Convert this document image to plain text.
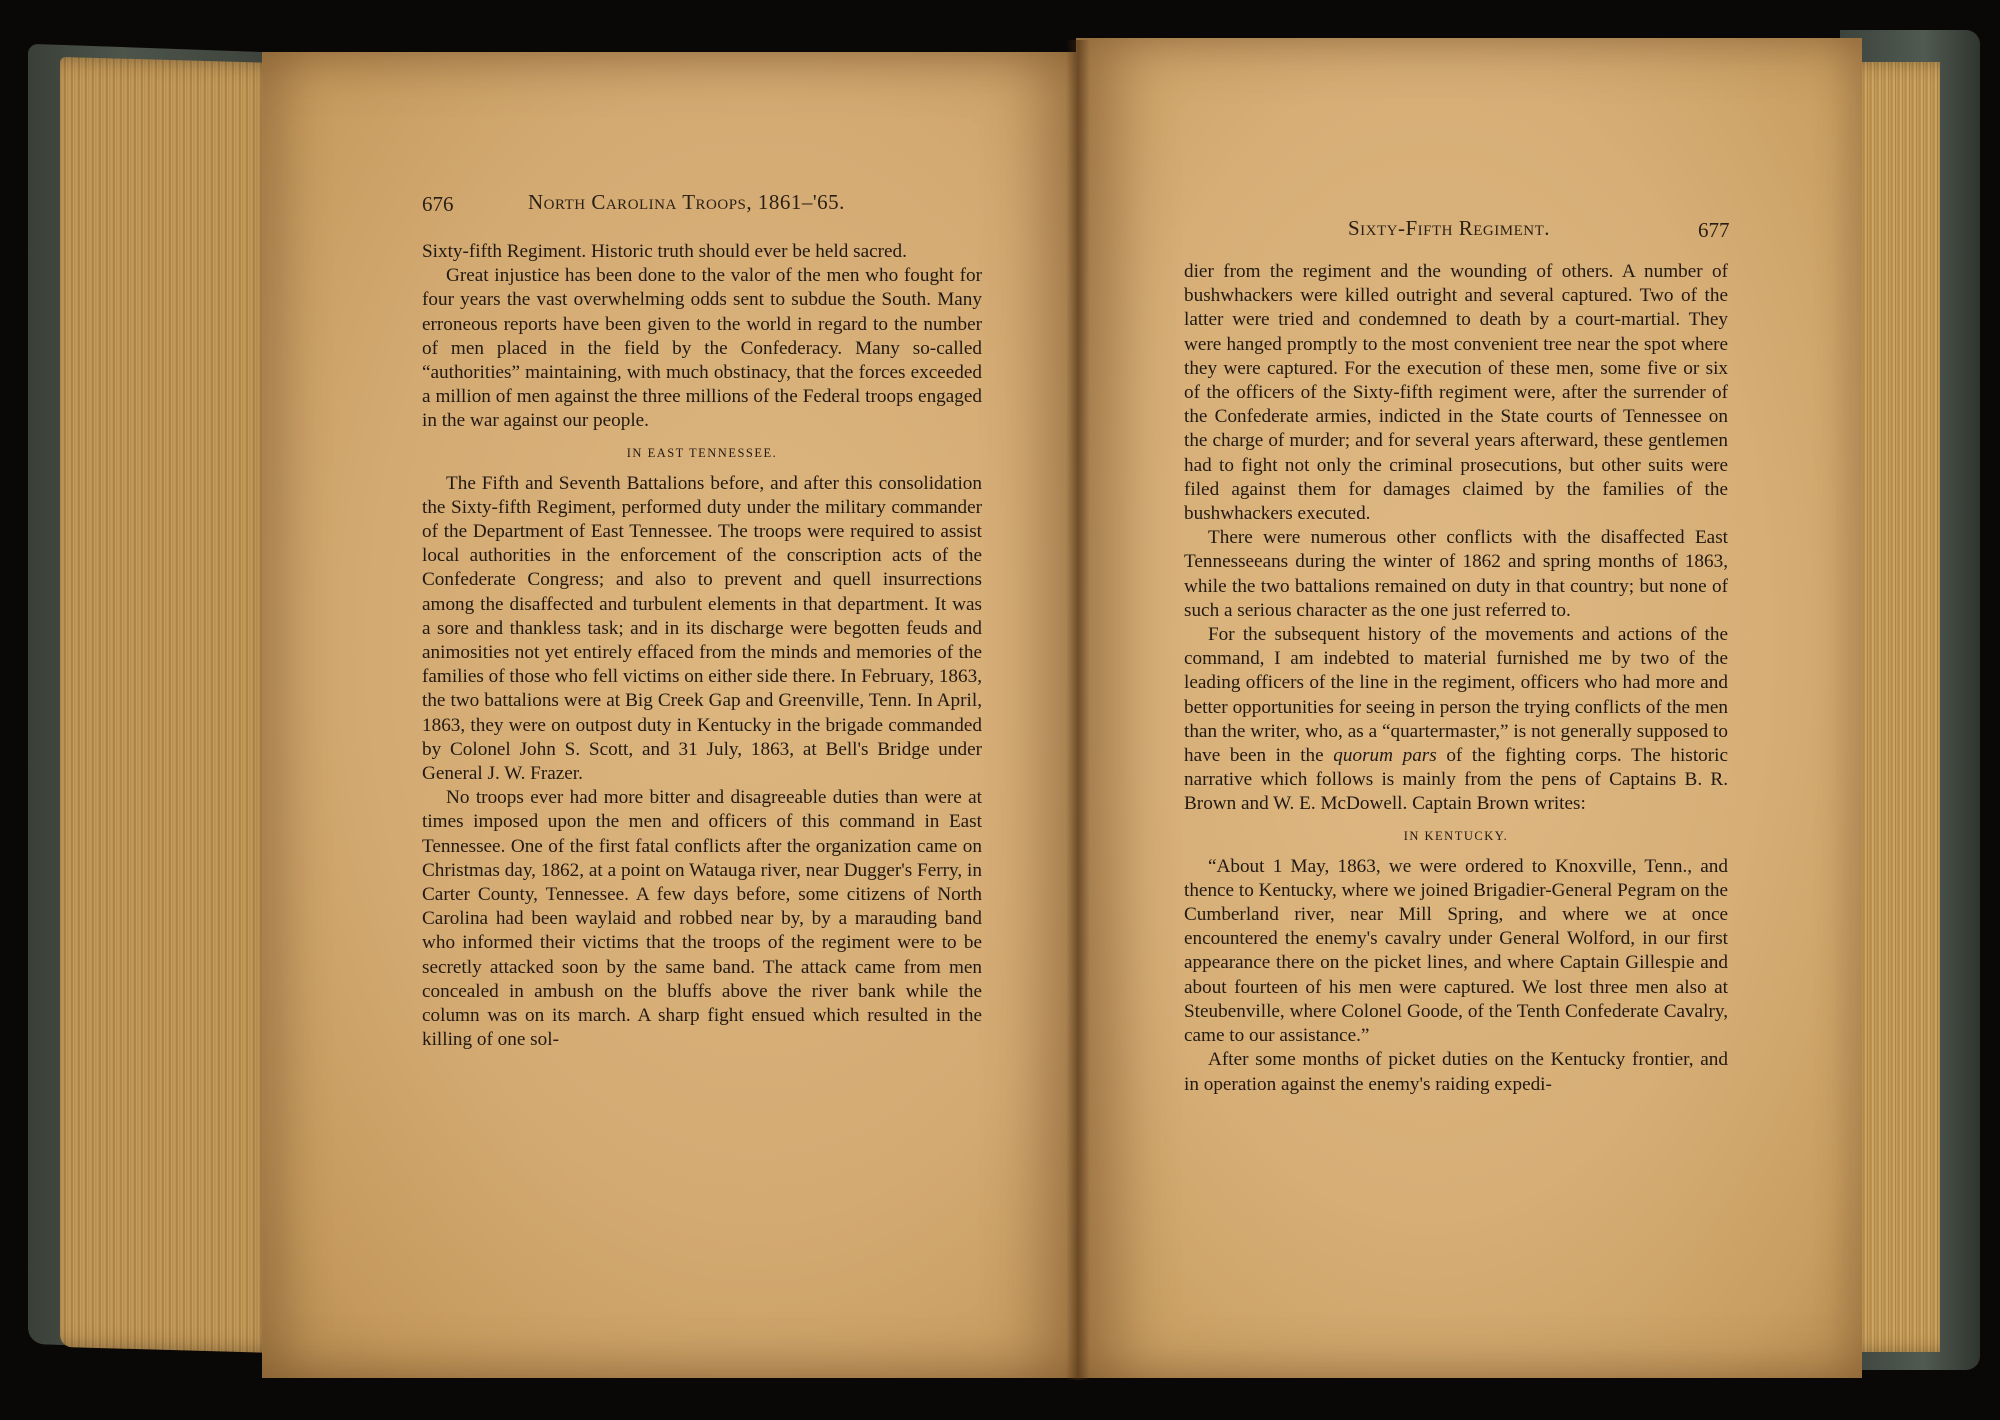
676	North Carolina Troops, 1861–'65.

Sixty-fifth Regiment. Historic truth should ever be held sacred.

Great injustice has been done to the valor of the men who fought for four years the vast overwhelming odds sent to subdue the South. Many erroneous reports have been given to the world in regard to the number of men placed in the field by the Confederacy. Many so-called “authorities” maintaining, with much obstinacy, that the forces exceeded a million of men against the three millions of the Federal troops engaged in the war against our people.

IN EAST TENNESSEE.

The Fifth and Seventh Battalions before, and after this consolidation the Sixty-fifth Regiment, performed duty under the military commander of the Department of East Tennessee. The troops were required to assist local authorities in the enforcement of the conscription acts of the Confederate Congress; and also to prevent and quell insurrections among the disaffected and turbulent elements in that department. It was a sore and thankless task; and in its discharge were begotten feuds and animosities not yet entirely effaced from the minds and memories of the families of those who fell victims on either side there. In February, 1863, the two battalions were at Big Creek Gap and Greenville, Tenn. In April, 1863, they were on outpost duty in Kentucky in the brigade commanded by Colonel John S. Scott, and 31 July, 1863, at Bell's Bridge under General J. W. Frazer.

No troops ever had more bitter and disagreeable duties than were at times imposed upon the men and officers of this command in East Tennessee. One of the first fatal conflicts after the organization came on Christmas day, 1862, at a point on Watauga river, near Dugger's Ferry, in Carter County, Tennessee. A few days before, some citizens of North Carolina had been waylaid and robbed near by, by a marauding band who informed their victims that the troops of the regiment were to be secretly attacked soon by the same band. The attack came from men concealed in ambush on the bluffs above the river bank while the column was on its march. A sharp fight ensued which resulted in the killing of one sol-

Sixty-Fifth Regiment.	677

dier from the regiment and the wounding of others. A number of bushwhackers were killed outright and several captured. Two of the latter were tried and condemned to death by a court-martial. They were hanged promptly to the most convenient tree near the spot where they were captured. For the execution of these men, some five or six of the officers of the Sixty-fifth regiment were, after the surrender of the Confederate armies, indicted in the State courts of Tennessee on the charge of murder; and for several years afterward, these gentlemen had to fight not only the criminal prosecutions, but other suits were filed against them for damages claimed by the families of the bushwhackers executed.

There were numerous other conflicts with the disaffected East Tennesseeans during the winter of 1862 and spring months of 1863, while the two battalions remained on duty in that country; but none of such a serious character as the one just referred to.

For the subsequent history of the movements and actions of the command, I am indebted to material furnished me by two of the leading officers of the line in the regiment, officers who had more and better opportunities for seeing in person the trying conflicts of the men than the writer, who, as a “quartermaster,” is not generally supposed to have been in the quorum pars of the fighting corps. The historic narrative which follows is mainly from the pens of Captains B. R. Brown and W. E. McDowell. Captain Brown writes:

IN KENTUCKY.

“About 1 May, 1863, we were ordered to Knoxville, Tenn., and thence to Kentucky, where we joined Brigadier-General Pegram on the Cumberland river, near Mill Spring, and where we at once encountered the enemy's cavalry under General Wolford, in our first appearance there on the picket lines, and where Captain Gillespie and about fourteen of his men were captured. We lost three men also at Steubenville, where Colonel Goode, of the Tenth Confederate Cavalry, came to our assistance.”

After some months of picket duties on the Kentucky frontier, and in operation against the enemy's raiding expedi-
